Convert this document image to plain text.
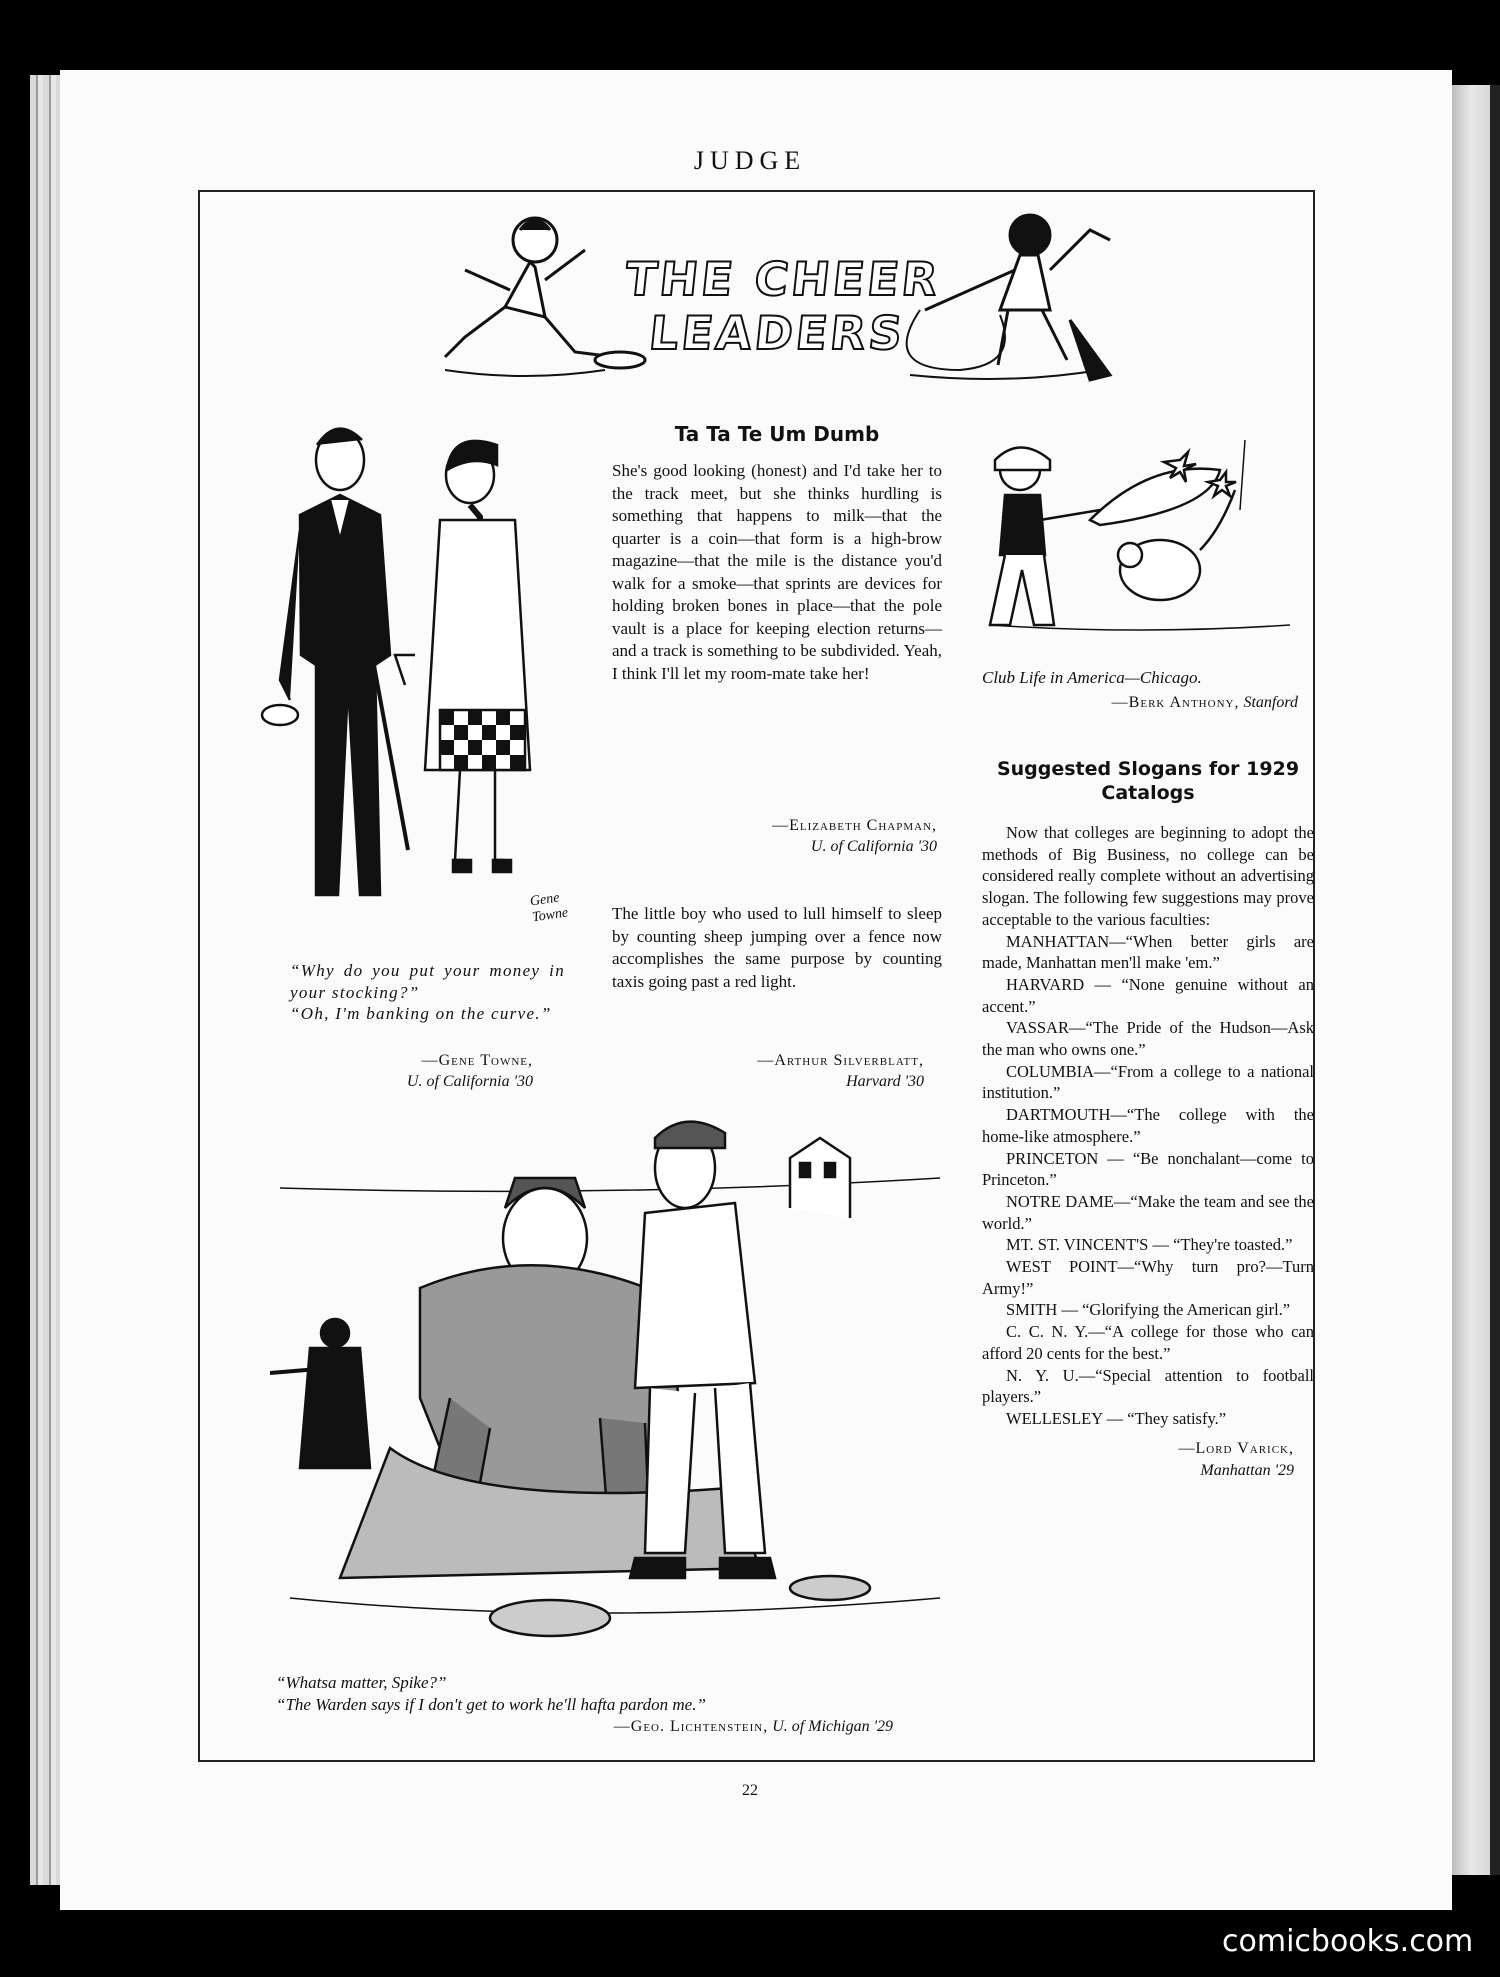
JUDGE
THE CHEER LEADERS
Gene Towne
“Why do you put your money in your stocking?”
“Oh, I'm banking on the curve.”
—Gene Towne,
U. of California '30
Ta Ta Te Um Dumb
She's good looking (honest) and I'd take her to the track meet, but she thinks hurdling is something that happens to milk—that the quarter is a coin—that form is a high-brow magazine—that the mile is the distance you'd walk for a smoke—that sprints are devices for holding broken bones in place—that the pole vault is a place for keeping election returns—and a track is something to be subdivided. Yeah, I think I'll let my room-mate take her!
—Elizabeth Chapman,
U. of California '30
The little boy who used to lull himself to sleep by counting sheep jumping over a fence now accomplishes the same purpose by counting taxis going past a red light.
—Arthur Silverblatt,
Harvard '30
Club Life in America—Chicago.
—Berk Anthony, Stanford
Suggested Slogans for 1929
Catalogs

Now that colleges are beginning to adopt the methods of Big Business, no college can be considered really complete without an advertising slogan. The following few suggestions may prove acceptable to the various faculties:

MANHATTAN—“When better girls are made, Manhattan men'll make 'em.”
HARVARD — “None genuine without an accent.”
VASSAR—“The Pride of the Hudson—Ask the man who owns one.”
COLUMBIA—“From a college to a national institution.”
DARTMOUTH—“The college with the home-like atmosphere.”
PRINCETON — “Be nonchalant—come to Princeton.”
NOTRE DAME—“Make the team and see the world.”
MT. ST. VINCENT'S — “They're toasted.”
WEST POINT—“Why turn pro?—Turn Army!”
SMITH — “Glorifying the American girl.”
C. C. N. Y.—“A college for those who can afford 20 cents for the best.”
N. Y. U.—“Special attention to football players.”
WELLESLEY — “They satisfy.”
—Lord Varick,
Manhattan '29
“Whatsa matter, Spike?”
“The Warden says if I don't get to work he'll hafta pardon me.”
—Geo. Lichtenstein, U. of Michigan '29
22
comicbooks.com
